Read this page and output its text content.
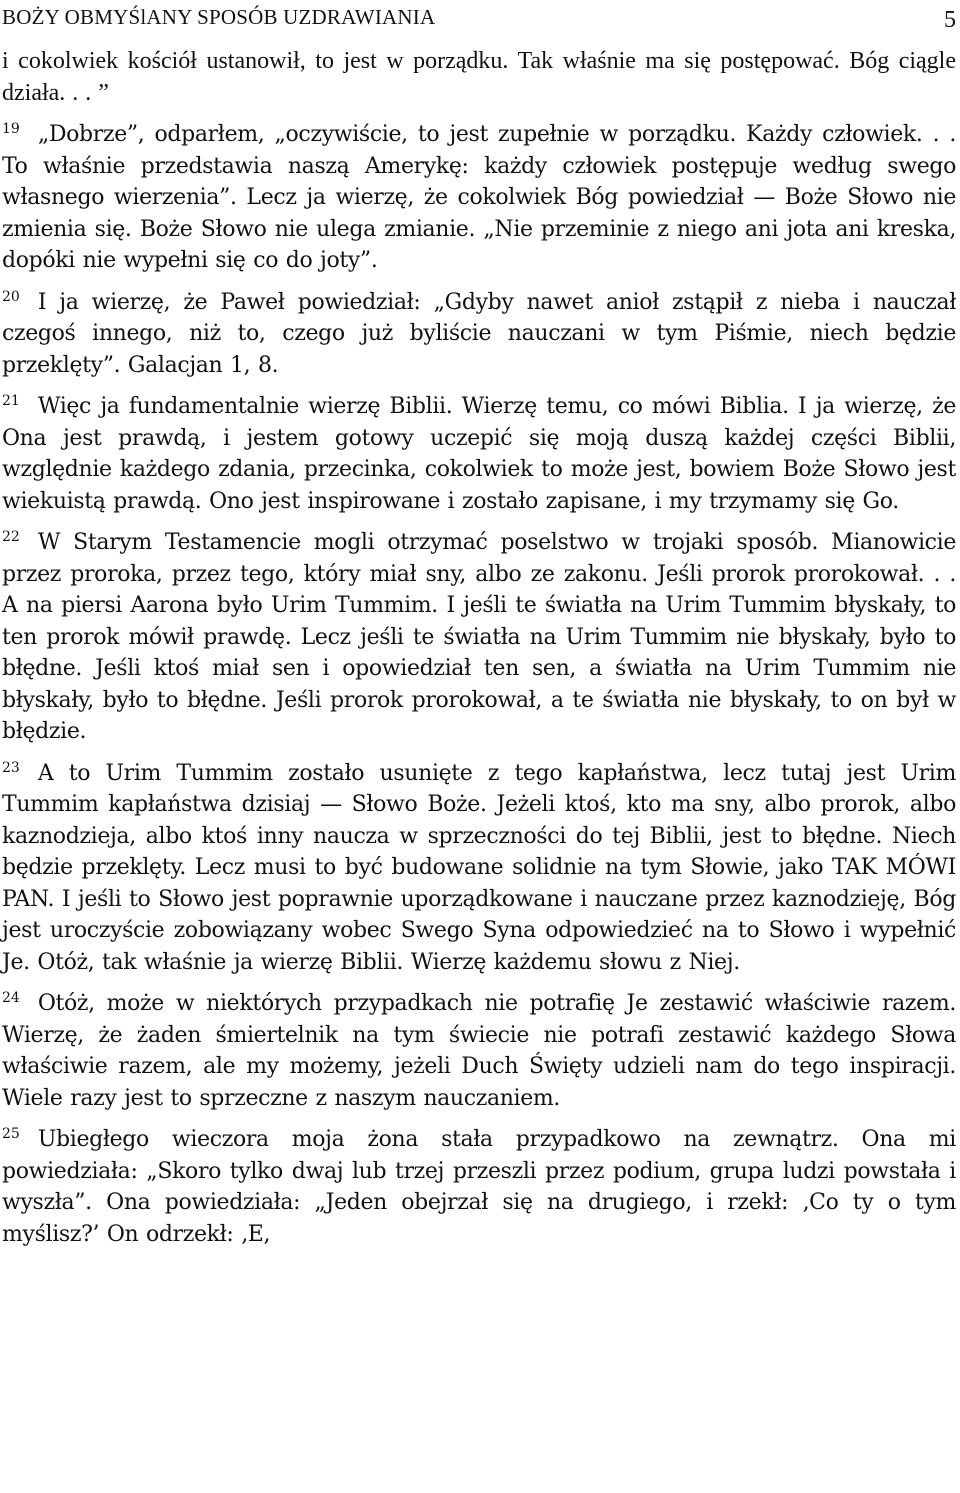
BOŻY OBMYŚlANY SPOSÓB UZDRAWIANIA	5

i cokolwiek kościół ustanowił, to jest w porządku. Tak właśnie ma się postępować. Bóg ciągle działa. . . ”

$^{19}$ „Dobrze”, odparłem, „oczywiście, to jest zupełnie w porządku. Każdy człowiek. . . To właśnie przedstawia naszą Amerykę: każdy człowiek postępuje według swego własnego wierzenia”. Lecz ja wierzę, że cokolwiek Bóg powiedział — Boże Słowo nie zmienia się. Boże Słowo nie ulega zmianie. „Nie przeminie z niego ani jota ani kreska, dopóki nie wypełni się co do joty”.

$^{20}$ I ja wierzę, że Paweł powiedział: „Gdyby nawet anioł zstąpił z nieba i nauczał czegoś innego, niż to, czego już byliście nauczani w tym Piśmie, niech będzie przeklęty”. Galacjan 1, 8.

$^{21}$ Więc ja fundamentalnie wierzę Biblii. Wierzę temu, co mówi Biblia. I ja wierzę, że Ona jest prawdą, i jestem gotowy uczepić się moją duszą każdej części Biblii, względnie każdego zdania, przecinka, cokolwiek to może jest, bowiem Boże Słowo jest wiekuistą prawdą. Ono jest inspirowane i zostało zapisane, i my trzymamy się Go.

$^{22}$ W Starym Testamencie mogli otrzymać poselstwo w trojaki sposób. Mianowicie przez proroka, przez tego, który miał sny, albo ze zakonu. Jeśli prorok prorokował. . . A na piersi Aarona było Urim Tummim. I jeśli te światła na Urim Tummim błyskały, to ten prorok mówił prawdę. Lecz jeśli te światła na Urim Tummim nie błyskały, było to błędne. Jeśli ktoś miał sen i opowiedział ten sen, a światła na Urim Tummim nie błyskały, było to błędne. Jeśli prorok prorokował, a te światła nie błyskały, to on był w błędzie.

$^{23}$ A to Urim Tummim zostało usunięte z tego kapłaństwa, lecz tutaj jest Urim Tummim kapłaństwa dzisiaj — Słowo Boże. Jeżeli ktoś, kto ma sny, albo prorok, albo kaznodzieja, albo ktoś inny naucza w sprzeczności do tej Biblii, jest to błędne. Niech będzie przeklęty. Lecz musi to być budowane solidnie na tym Słowie, jako TAK MÓWI PAN. I jeśli to Słowo jest poprawnie uporządkowane i nauczane przez kaznodzieję, Bóg jest uroczyście zobowiązany wobec Swego Syna odpowiedzieć na to Słowo i wypełnić Je. Otóż, tak właśnie ja wierzę Biblii. Wierzę każdemu słowu z Niej.

$^{24}$ Otóż, może w niektórych przypadkach nie potrafię Je zestawić właściwie razem. Wierzę, że żaden śmiertelnik na tym świecie nie potrafi zestawić każdego Słowa właściwie razem, ale my możemy, jeżeli Duch Święty udzieli nam do tego inspiracji. Wiele razy jest to sprzeczne z naszym nauczaniem.

$^{25}$ Ubiegłego wieczora moja żona stała przypadkowo na zewnątrz. Ona mi powiedziała: „Skoro tylko dwaj lub trzej przeszli przez podium, grupa ludzi powstała i wyszła”. Ona powiedziała: „Jeden obejrzał się na drugiego, i rzekł: ‚Co ty o tym myślisz?’ On odrzekł: ‚E,
